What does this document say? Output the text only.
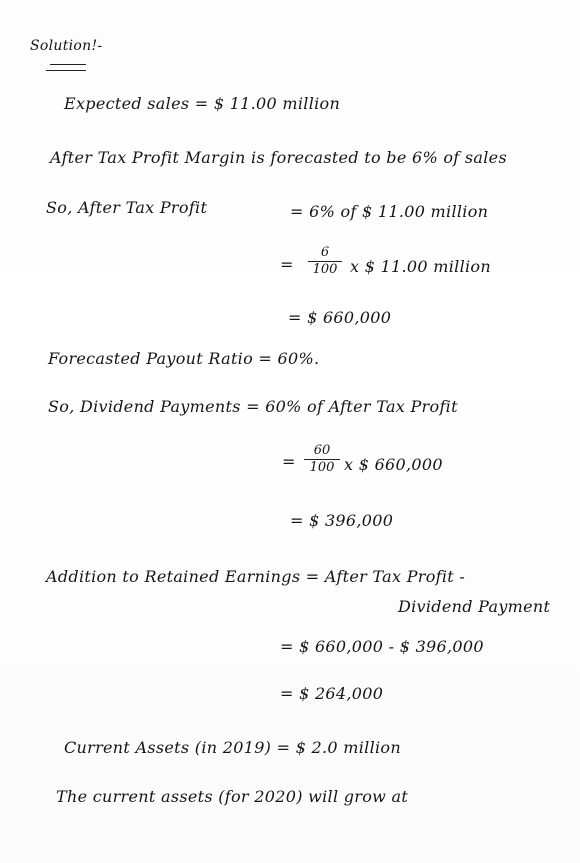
Solution!-
Expected sales = $ 11.00 million
After Tax Profit Margin is forecasted to be 6% of sales
So, After Tax Profit	= 6% of $ 11.00 million
=
6
100 x $ 11.00 million
= $ 660,000
Forecasted Payout Ratio = 60%.
So, Dividend Payments = 60% of After Tax Profit
=
60
100 x $ 660,000
= $ 396,000
Addition to Retained Earnings = After Tax Profit -
Dividend Payment
= $ 660,000 - $ 396,000
= $ 264,000
Current Assets (in 2019) = $ 2.0 million
The current assets (for 2020) will grow at
